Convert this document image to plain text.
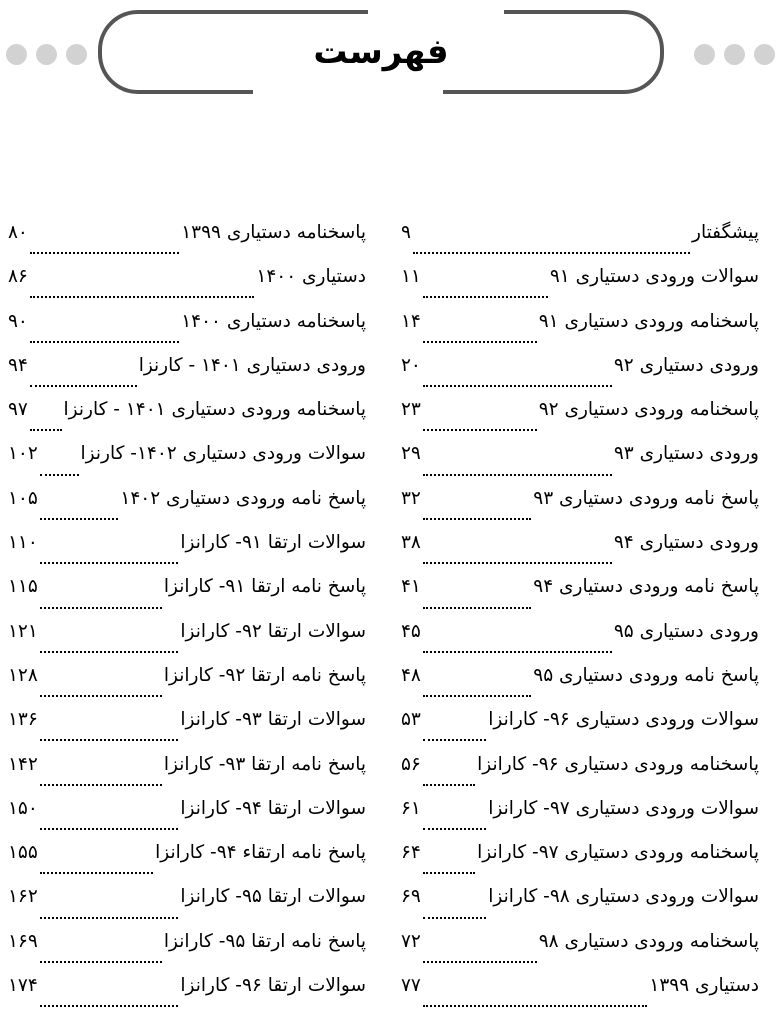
فهرست
پیشگفتار
۹
سوالات ورودی دستیاری ۹۱
۱۱
پاسخنامه ورودی دستیاری ۹۱
۱۴
ورودی دستیاری ۹۲
۲۰
پاسخنامه ورودی دستیاری ۹۲
۲۳
ورودی دستیاری ۹۳
۲۹
پاسخ نامه ورودی دستیاری ۹۳
۳۲
ورودی دستیاری ۹۴
۳۸
پاسخ نامه ورودی دستیاری ۹۴
۴۱
ورودی دستیاری ۹۵
۴۵
پاسخ نامه ورودی دستیاری ۹۵
۴۸
سوالات ورودی دستیاری ۹۶- کارانزا
۵۳
پاسخنامه ورودی دستیاری ۹۶- کارانزا
۵۶
سوالات ورودی دستیاری ۹۷- کارانزا
۶۱
پاسخنامه ورودی دستیاری ۹۷- کارانزا
۶۴
سوالات ورودی دستیاری ۹۸- کارانزا
۶۹
پاسخنامه ورودی دستیاری ۹۸
۷۲
دستیاری ۱۳۹۹
۷۷
پاسخنامه دستیاری ۱۳۹۹
۸۰
دستیاری ۱۴۰۰
۸۶
پاسخنامه دستیاری ۱۴۰۰
۹۰
ورودی دستیاری ۱۴۰۱ - کارنزا
۹۴
پاسخنامه ورودی دستیاری ۱۴۰۱ - کارنزا
۹۷
سوالات ورودی دستیاری ۱۴۰۲- کارنزا
۱۰۲
پاسخ نامه ورودی دستیاری ۱۴۰۲
۱۰۵
سوالات ارتقا ۹۱- کارانزا
۱۱۰
پاسخ نامه ارتقا ۹۱- کارانزا
۱۱۵
سوالات ارتقا ۹۲- کارانزا
۱۲۱
پاسخ نامه ارتقا ۹۲- کارانزا
۱۲۸
سوالات ارتقا ۹۳- کارانزا
۱۳۶
پاسخ نامه ارتقا ۹۳- کارانزا
۱۴۲
سوالات ارتقا ۹۴- کارانزا
۱۵۰
پاسخ نامه ارتقاء ۹۴- کارانزا
۱۵۵
سوالات ارتقا ۹۵- کارانزا
۱۶۲
پاسخ نامه ارتقا ۹۵- کارانزا
۱۶۹
سوالات ارتقا ۹۶- کارانزا
۱۷۴
